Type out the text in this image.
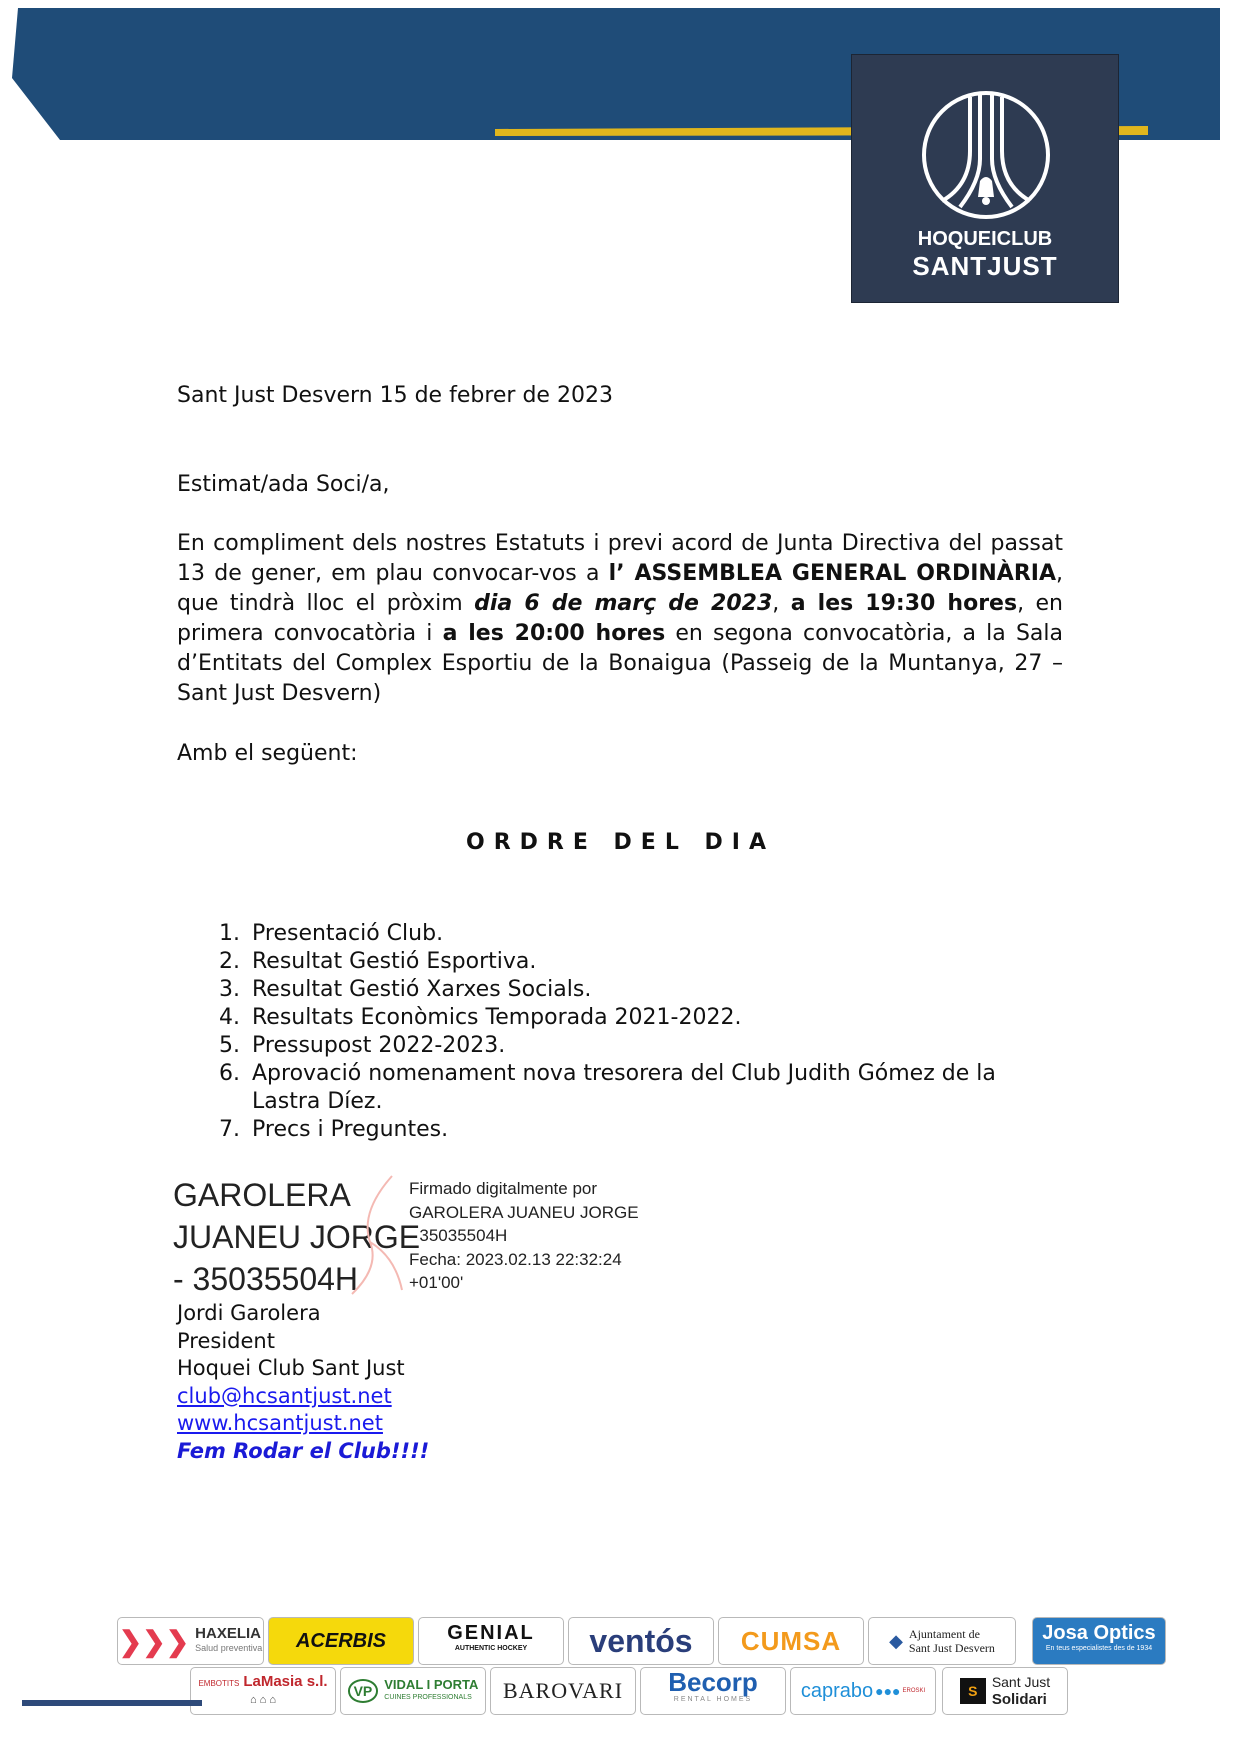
HOQUEICLUB
SANTJUST
Sant Just Desvern 15 de febrer de 2023
Estimat/ada Soci/a,
En compliment dels nostres Estatuts i previ acord de Junta Directiva del passat 13 de gener, em plau convocar-vos a l’ ASSEMBLEA GENERAL ORDINÀRIA, que tindrà lloc el pròxim dia 6 de març de 2023, a les 19:30 hores, en primera convocatòria i a les 20:00 hores en segona convocatòria, a la Sala d’Entitats del Complex Esportiu de la Bonaigua (Passeig de la Muntanya, 27 – Sant Just Desvern)
Amb el següent:
ORDRE DEL DIA
1. Presentació Club.
2. Resultat Gestió Esportiva.
3. Resultat Gestió Xarxes Socials.
4. Resultats Econòmics Temporada 2021-2022.
5. Pressupost 2022-2023.
6. Aprovació nomenament nova tresorera del Club Judith Gómez de la Lastra Díez.
7. Precs i Preguntes.
GAROLERA
JUANEU JORGE
- 35035504H
Firmado digitalmente por
GAROLERA JUANEU JORGE
- 35035504H
Fecha: 2023.02.13 22:32:24
+01'00'
Jordi Garolera
President
Hoquei Club Sant Just
club@hcsantjust.net
www.hcsantjust.net
Fem Rodar el Club!!!!
❯❯❯ HAXELIA
Salud preventiva ACERBIS	GENIAL
AUTHENTIC HOCKEY ventós CUMSA	◆ Ajuntament de
Sant Just Desvern
Josa Optics
En teus especialistes des de 1934
EMBOTITS LaMasia s.l.
⌂ ⌂ ⌂
VP VIDAL I PORTA
CUINES PROFESSIONALS	BAROVARI Becorp
RENTAL HOMES caprabo ●●● EROSKI	S
Sant Just
Solidari
